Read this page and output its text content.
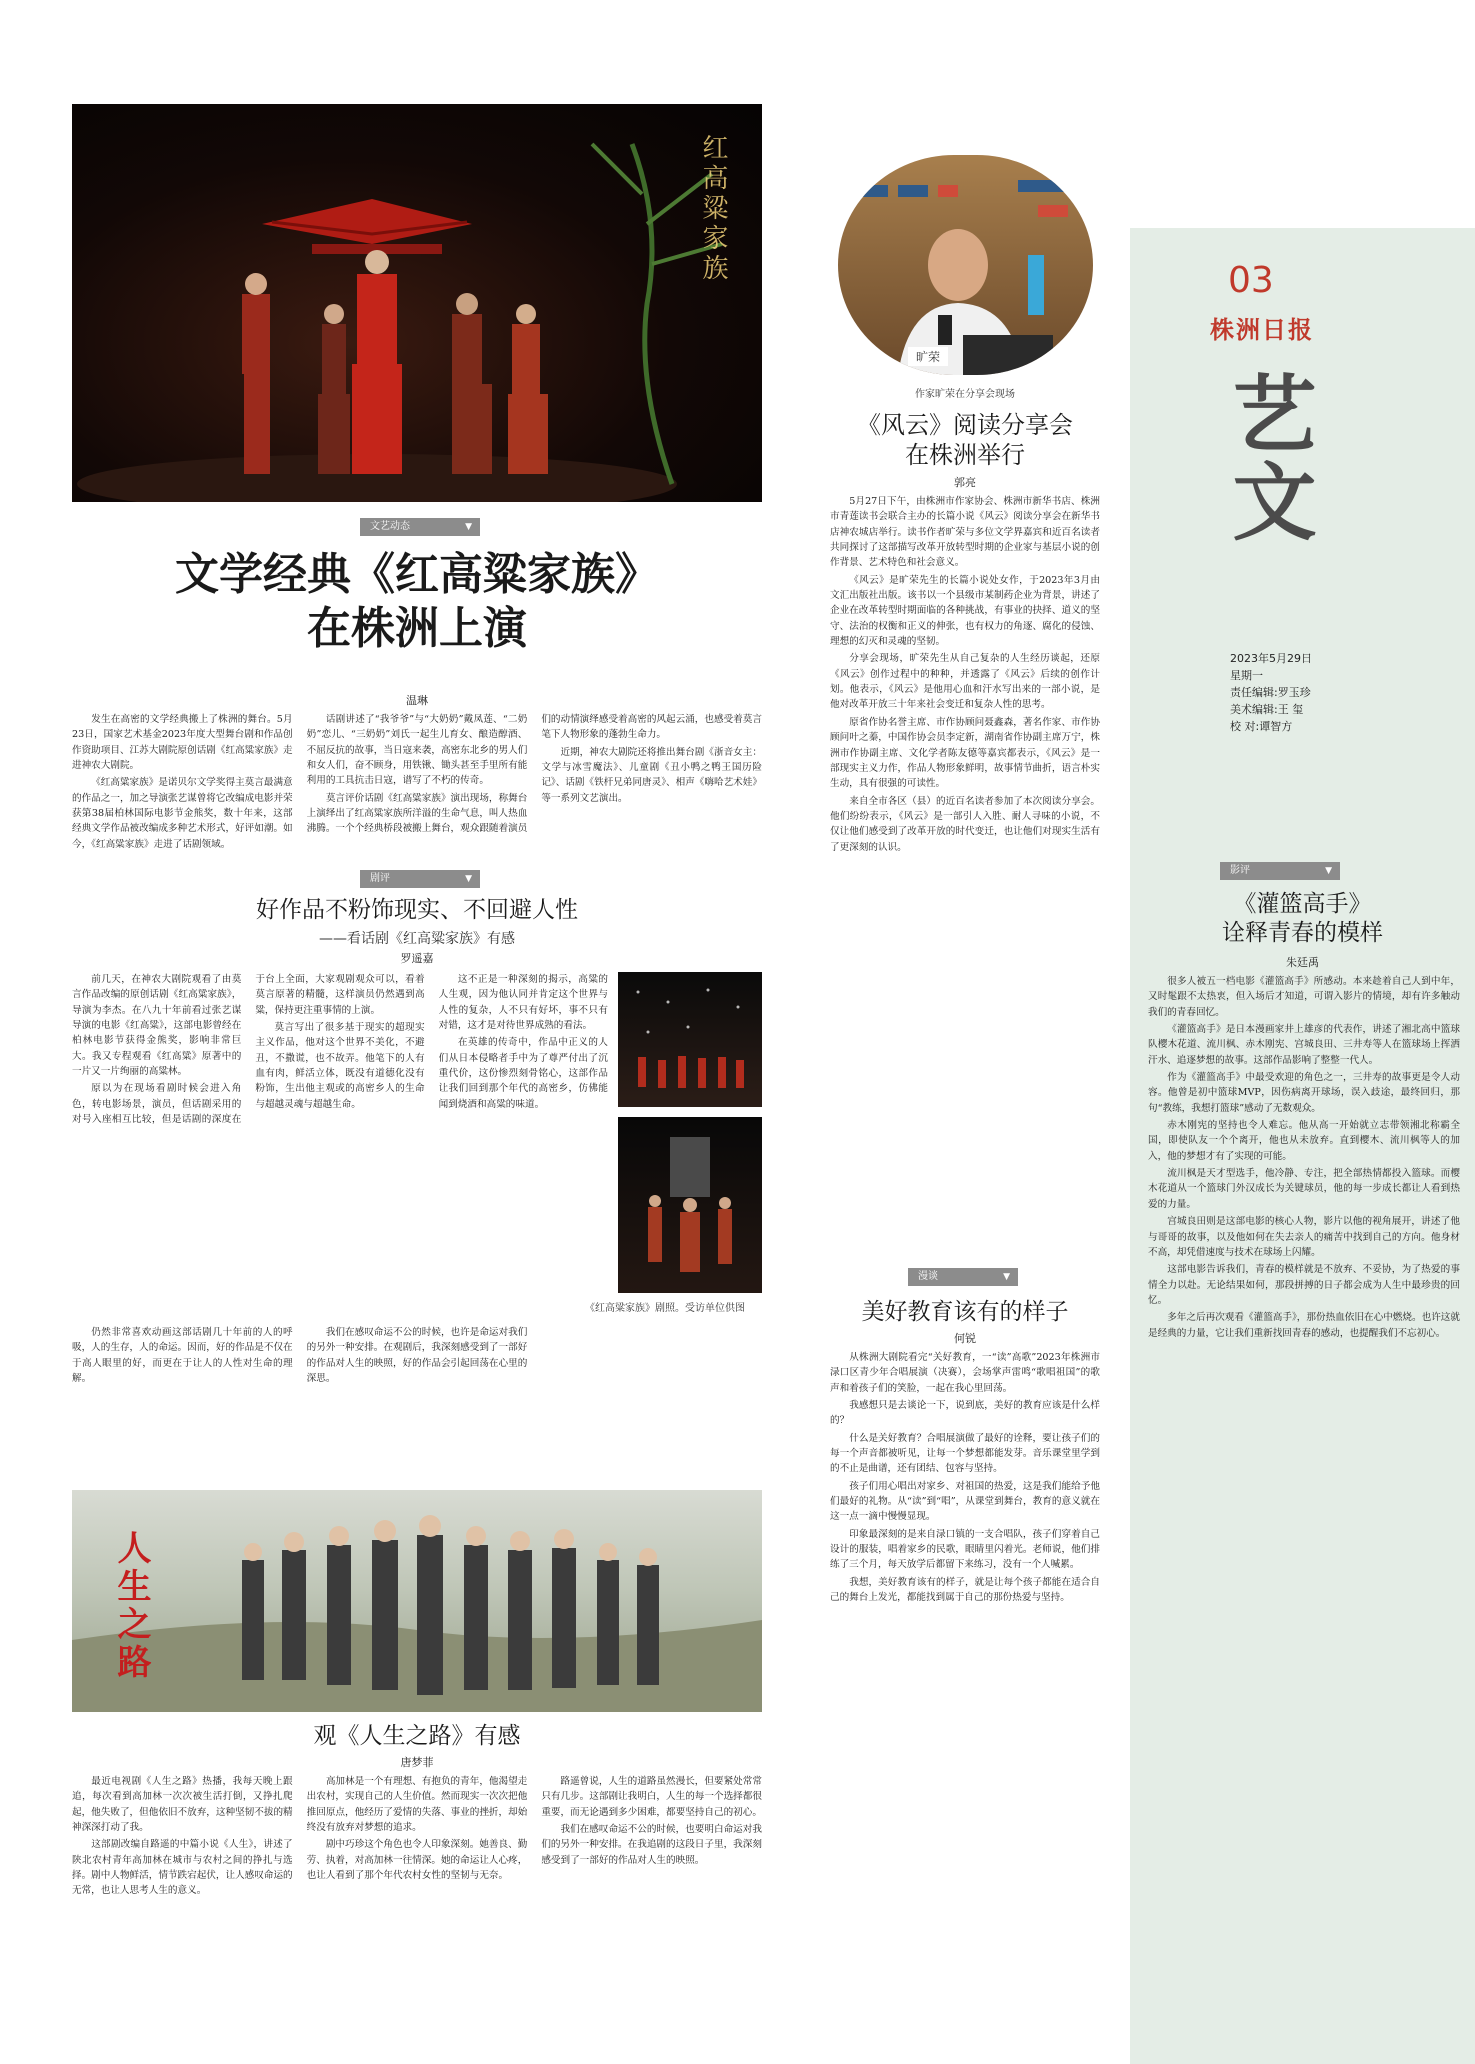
红高粱家族
文艺动态 ▼
文学经典《红高粱家族》
在株洲上演
温琳

发生在高密的文学经典搬上了株洲的舞台。5月23日，国家艺术基金2023年度大型舞台剧和作品创作资助项目、江苏大剧院原创话剧《红高粱家族》走进神农大剧院。

《红高粱家族》是诺贝尔文学奖得主莫言最满意的作品之一，加之导演张艺谋曾将它改编成电影并荣获第38届柏林国际电影节金熊奖，数十年来，这部经典文学作品被改编成多种艺术形式，好评如潮。如今，《红高粱家族》走进了话剧领域。

话剧讲述了“我爷爷”与“大奶奶”戴凤莲、“二奶奶”恋儿、“三奶奶”刘氏一起生儿育女、酿造醇酒、不屈反抗的故事，当日寇来袭，高密东北乡的男人们和女人们，奋不顾身，用铁锹、锄头甚至手里所有能利用的工具抗击日寇，谱写了不朽的传奇。

莫言评价话剧《红高粱家族》演出现场，称舞台上演绎出了红高粱家族所洋溢的生命气息，叫人热血沸腾。一个个经典桥段被搬上舞台，观众跟随着演员们的动情演绎感受着高密的风起云涌，也感受着莫言笔下人物形象的蓬勃生命力。

近期，神农大剧院还将推出舞台剧《浙音女主：文学与冰雪魔法》、儿童剧《丑小鸭之鸭王国历险记》、话剧《铁杆兄弟同唐灵》、相声《嗨哈艺术娃》等一系列文艺演出。

剧评 ▼
好作品不粉饰现实、不回避人性
——看话剧《红高粱家族》有感
罗遥嘉

前几天，在神农大剧院观看了由莫言作品改编的原创话剧《红高粱家族》，导演为李杰。在八九十年前看过张艺谋导演的电影《红高粱》，这部电影曾经在柏林电影节获得金熊奖，影响非常巨大。我又专程观看《红高粱》原著中的一片又一片绚丽的高粱林。

原以为在现场看剧时候会进入角色，转电影场景，演员，但话剧采用的对号入座相互比较，但是话剧的深度在于台上全面，大家观剧观众可以，看着莫言原著的精髓，这样演员仍然遇到高粱，保持更注重事情的上演。

莫言写出了很多基于现实的超现实主义作品，他对这个世界不美化，不避丑，不撒谎，也不故弄。他笔下的人有血有肉，鲜活立体，既没有道德化没有粉饰，生出他主观或的高密乡人的生命与超越灵魂与超越生命。

这不正是一种深刻的揭示，高粱的人生观，因为他认同并肯定这个世界与人性的复杂，人不只有好坏，事不只有对错，这才是对待世界成熟的看法。

在英雄的传奇中，作品中正义的人们从日本侵略者手中为了尊严付出了沉重代价，这份惨烈刻骨铭心，这部作品让我们回到那个年代的高密乡，仿佛能闻到烧酒和高粱的味道。

《红高粱家族》剧照。受访单位供图

仍然非常喜欢动画这部话剧几十年前的人的呼吸，人的生存，人的命运。因而，好的作品是不仅在于高人眼里的好，而更在于让人的人性对生命的理解。

我们在感叹命运不公的时候，也许是命运对我们的另外一种安排。在观剧后，我深刻感受到了一部好的作品对人生的映照，好的作品会引起回荡在心里的深思。

人生之路
观《人生之路》有感
唐梦菲

最近电视剧《人生之路》热播，我每天晚上跟追，每次看到高加林一次次被生活打倒，又挣扎爬起，他失败了，但他依旧不放弃，这种坚韧不拔的精神深深打动了我。

这部剧改编自路遥的中篇小说《人生》，讲述了陕北农村青年高加林在城市与农村之间的挣扎与选择。剧中人物鲜活，情节跌宕起伏，让人感叹命运的无常，也让人思考人生的意义。

高加林是一个有理想、有抱负的青年，他渴望走出农村，实现自己的人生价值。然而现实一次次把他推回原点，他经历了爱情的失落、事业的挫折，却始终没有放弃对梦想的追求。

剧中巧珍这个角色也令人印象深刻。她善良、勤劳、执着，对高加林一往情深。她的命运让人心疼，也让人看到了那个年代农村女性的坚韧与无奈。

路遥曾说，人生的道路虽然漫长，但要紧处常常只有几步。这部剧让我明白，人生的每一个选择都很重要，而无论遇到多少困难，都要坚持自己的初心。

我们在感叹命运不公的时候，也要明白命运对我们的另外一种安排。在我追剧的这段日子里，我深刻感受到了一部好的作品对人生的映照。

旷荣
作家旷荣在分享会现场
《风云》阅读分享会
在株洲举行
郭亮

5月27日下午，由株洲市作家协会、株洲市新华书店、株洲市青莲读书会联合主办的长篇小说《风云》阅读分享会在新华书店神农城店举行。读书作者旷荣与多位文学界嘉宾和近百名读者共同探讨了这部描写改革开放转型时期的企业家与基层小说的创作背景、艺术特色和社会意义。

《风云》是旷荣先生的长篇小说处女作，于2023年3月由文汇出版社出版。该书以一个县级市某制药企业为背景，讲述了企业在改革转型时期面临的各种挑战，有事业的抉择、道义的坚守、法治的权衡和正义的伸张，也有权力的角逐、腐化的侵蚀、理想的幻灭和灵魂的坚韧。

分享会现场，旷荣先生从自己复杂的人生经历谈起，还原《风云》创作过程中的种种，并透露了《风云》后续的创作计划。他表示，《风云》是他用心血和汗水写出来的一部小说，是他对改革开放三十年来社会变迁和复杂人性的思考。

原省作协名誉主席、市作协顾问聂鑫森，著名作家、市作协顾问叶之蓁，中国作协会员李定新，湖南省作协副主席万宁，株洲市作协副主席、文化学者陈友德等嘉宾都表示，《风云》是一部现实主义力作，作品人物形象鲜明，故事情节曲折，语言朴实生动，具有很强的可读性。

来自全市各区（县）的近百名读者参加了本次阅读分享会。他们纷纷表示，《风云》是一部引人入胜、耐人寻味的小说，不仅让他们感受到了改革开放的时代变迁，也让他们对现实生活有了更深刻的认识。

漫谈 ▼
美好教育该有的样子
何锐

从株洲大剧院看完“关好教育，一“读”高歌”2023年株洲市渌口区青少年合唱展演（决赛），会场掌声雷鸣“歌唱祖国”的歌声和着孩子们的笑脸，一起在我心里回荡。

我感想只是去谈论一下，说到底，美好的教育应该是什么样的？

什么是关好教育？合唱展演做了最好的诠释，要让孩子们的每一个声音都被听见，让每一个梦想都能发芽。音乐课堂里学到的不止是曲谱，还有团结、包容与坚持。

孩子们用心唱出对家乡、对祖国的热爱，这是我们能给予他们最好的礼物。从“读”到“唱”，从课堂到舞台，教育的意义就在这一点一滴中慢慢显现。

印象最深刻的是来自渌口镇的一支合唱队，孩子们穿着自己设计的服装，唱着家乡的民歌，眼睛里闪着光。老师说，他们排练了三个月，每天放学后都留下来练习，没有一个人喊累。

我想，美好教育该有的样子，就是让每个孩子都能在适合自己的舞台上发光，都能找到属于自己的那份热爱与坚持。

03
株洲日报
艺文
2023年5月29日
星期一
责任编辑:罗玉珍
美术编辑:王 玺
校 对:谭智方
影评 ▼
《灌篮高手》
诠释青春的模样
朱廷禹

很多人被五一档电影《灌篮高手》所感动。本来趁着自己人到中年，又时髦跟不太热衷，但入场后才知道，可谓入影片的情境，却有许多触动我们的青春回忆。

《灌篮高手》是日本漫画家井上雄彦的代表作，讲述了湘北高中篮球队樱木花道、流川枫、赤木刚宪、宫城良田、三井寿等人在篮球场上挥洒汗水、追逐梦想的故事。这部作品影响了整整一代人。

作为《灌篮高手》中最受欢迎的角色之一，三井寿的故事更是令人动容。他曾是初中篮球MVP，因伤病离开球场，误入歧途，最终回归，那句“教练，我想打篮球”感动了无数观众。

赤木刚宪的坚持也令人难忘。他从高一开始就立志带领湘北称霸全国，即使队友一个个离开，他也从未放弃。直到樱木、流川枫等人的加入，他的梦想才有了实现的可能。

流川枫是天才型选手，他冷静、专注，把全部热情都投入篮球。而樱木花道从一个篮球门外汉成长为关键球员，他的每一步成长都让人看到热爱的力量。

宫城良田则是这部电影的核心人物，影片以他的视角展开，讲述了他与哥哥的故事，以及他如何在失去亲人的痛苦中找到自己的方向。他身材不高，却凭借速度与技术在球场上闪耀。

这部电影告诉我们，青春的模样就是不放弃、不妥协，为了热爱的事情全力以赴。无论结果如何，那段拼搏的日子都会成为人生中最珍贵的回忆。

多年之后再次观看《灌篮高手》，那份热血依旧在心中燃烧。也许这就是经典的力量，它让我们重新找回青春的感动，也提醒我们不忘初心。
